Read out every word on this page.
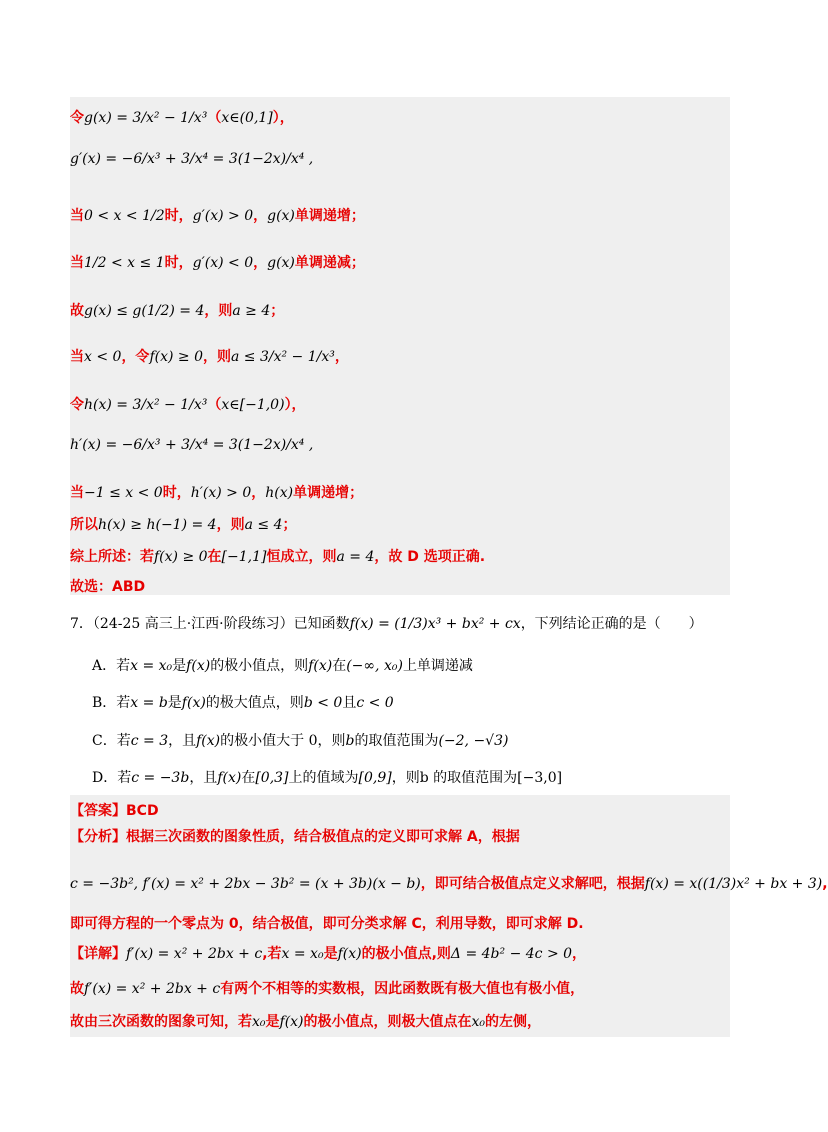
令g(x) = 3/x² − 1/x³（x∈(0,1]），
g′(x) = −6/x³ + 3/x⁴ = 3(1−2x)/x⁴ ,
当0 < x < 1/2时，g′(x) > 0，g(x)单调递增；
当1/2 < x ≤ 1时，g′(x) < 0，g(x)单调递减；
故g(x) ≤ g(1/2) = 4，则a ≥ 4；
当x < 0，令f(x) ≥ 0，则a ≤ 3/x² − 1/x³，
令h(x) = 3/x² − 1/x³（x∈[−1,0)），
h′(x) = −6/x³ + 3/x⁴ = 3(1−2x)/x⁴ ,
当−1 ≤ x < 0时，h′(x) > 0，h(x)单调递增；
所以h(x) ≥ h(−1) = 4，则a ≤ 4；
综上所述：若f(x) ≥ 0在[−1,1]恒成立，则a = 4，故 D 选项正确.
故选：ABD
7．（24-25 高三上·江西·阶段练习）已知函数f(x) = (1/3)x³ + bx² + cx，下列结论正确的是（　　）
A．若x = x₀是f(x)的极小值点，则f(x)在(−∞, x₀)上单调递减
B．若x = b是f(x)的极大值点，则b < 0且c < 0
C．若c = 3，且f(x)的极小值大于 0，则b的取值范围为(−2, −√3)
D．若c = −3b，且f(x)在[0,3]上的值域为[0,9]，则b 的取值范围为[−3,0]
【答案】BCD
【分析】根据三次函数的图象性质，结合极值点的定义即可求解 A，根据
c = −3b², f′(x) = x² + 2bx − 3b² = (x + 3b)(x − b)，即可结合极值点定义求解吧，根据f(x) = x((1/3)x² + bx + 3),
即可得方程的一个零点为 0，结合极值，即可分类求解 C，利用导数，即可求解 D.
【详解】f′(x) = x² + 2bx + c,若x = x₀是f(x)的极小值点,则Δ = 4b² − 4c > 0，
故f′(x) = x² + 2bx + c有两个不相等的实数根，因此函数既有极大值也有极小值，
故由三次函数的图象可知，若x₀是f(x)的极小值点，则极大值点在x₀的左侧，
